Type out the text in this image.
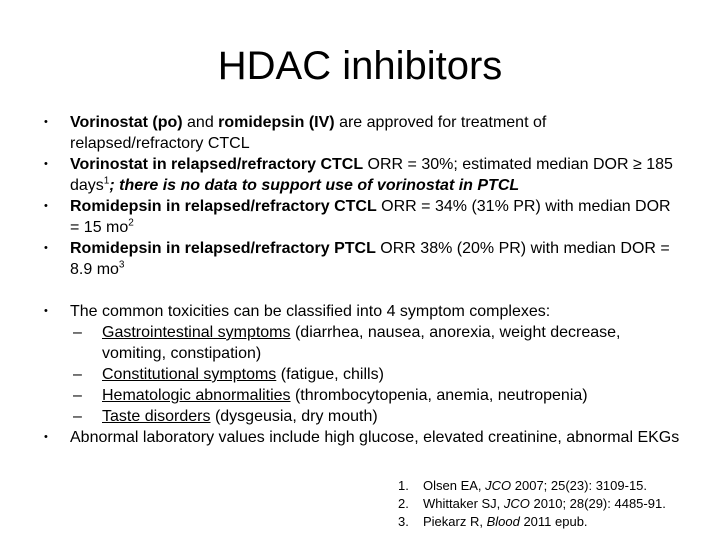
HDAC inhibitors
• Vorinostat (po) and romidepsin (IV) are approved for treatment of relapsed/refractory CTCL
• Vorinostat in relapsed/refractory CTCL ORR = 30%; estimated median DOR ≥ 185 days$^1$; there is no data to support use of vorinostat in PTCL
• Romidepsin in relapsed/refractory CTCL ORR = 34% (31% PR) with median DOR = 15 $mo^2$
• Romidepsin in relapsed/refractory PTCL ORR 38% (20% PR) with median DOR = 8.9 $mo^3$
• The common toxicities can be classified into 4 symptom complexes:
– Gastrointestinal symptoms (diarrhea, nausea, anorexia, weight decrease, vomiting, constipation)
– Constitutional symptoms (fatigue, chills)
– Hematologic abnormalities (thrombocytopenia, anemia, neutropenia)
– Taste disorders (dysgeusia, dry mouth)
• Abnormal laboratory values include high glucose, elevated creatinine, abnormal EKGs
1. Olsen EA, JCO 2007; 25(23): 3109-15.
2. Whittaker SJ, JCO 2010; 28(29): 4485-91.
3. Piekarz R, Blood 2011 epub.
